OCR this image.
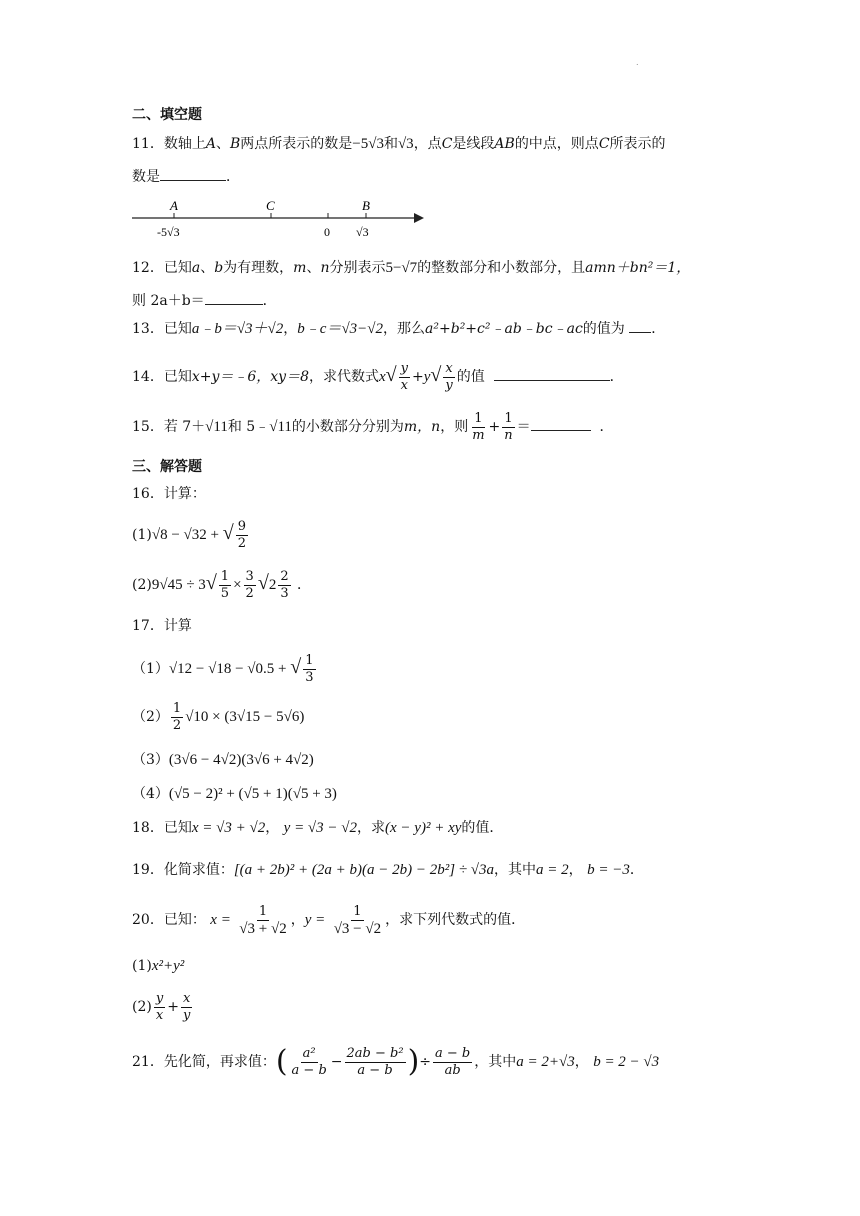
.
二、填空题
11．数轴上A、B两点所表示的数是−5√3和√3，点C是线段AB的中点，则点C所表示的
数是	．
A	C	B
-5√3	0 √3
12．已知a、b为有理数，m、n分别表示5−√7的整数部分和小数部分，且amn＋bn²＝1，
则 2a＋b＝	．
13．已知a﹣b＝√3＋√2，b﹣c＝√3−√2，那么a²+b²+c²﹣ab﹣bc﹣ac的值为 ．
14．已知x+y＝﹣6，xy＝8，求代数式$x√ \frac{y}{x} +y√ \frac{x}{y}$ 的值	．
15．若 7＋√11和 5﹣√11的小数部分分别为m，n，则 $\frac{1}{m} + \frac{1}{n}$ ＝	．
三、解答题
16．计算：
(1)√8 − √32 + √ $\frac{9}{2}$
$(2)9√45 \div 3√ \frac{1}{5} \times \frac{3}{2} √2 \frac{2}{3}$ ．
17．计算
（1）√12 − √18 − √0.5 + √ $\frac{1}{3}$
$(2) \frac{1}{2} √10 \times (3√15 - 5√6)$
（3）(3√6 − 4√2)(3√6 + 4√2)
（4）(√5 − 2)² + (√5 + 1)(√5 + 3)
18．已知x = √3 + √2， y = √3 − √2，求(x − y)² + xy的值．
19．化简求值：[(a + 2b)² + (2a + b)(a − 2b) − 2b²] ÷ √3a，其中a = 2， b = −3．
20．已知： $x = \frac{1}{√3 + √2}$ ，$y = \frac{1}{√3 - √2}$ ，求下列代数式的值．
(1)x²+y²
$(2) \frac{y}{x} + \frac{x}{y}$
21．先化简，再求值：( $\frac{\text{a²}}{a - b} - \frac{\text{2ab − b²}}{a - b}$ )÷ $\frac{a - b}{ab}$ ，其中a = 2+√3， b = 2 − √3
